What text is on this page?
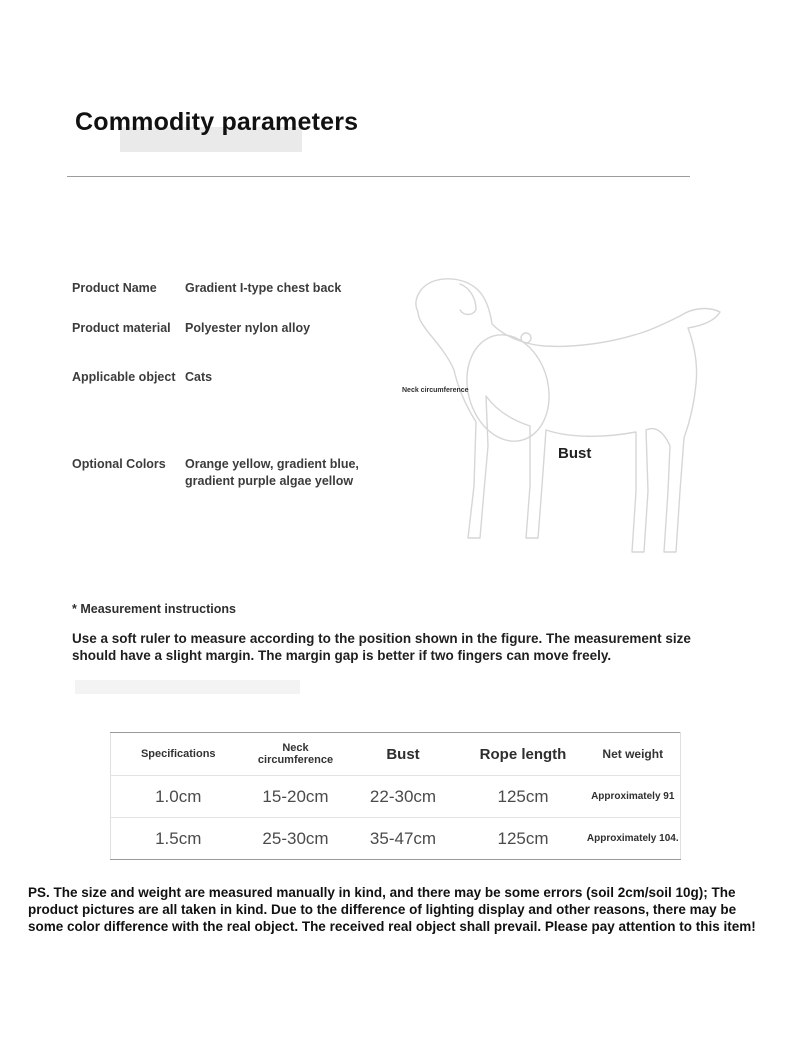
Commodity parameters
Product Name	Gradient I-type chest back
Product material	Polyester nylon alloy
Applicable object Cats
Optional Colors	Orange yellow, gradient blue, gradient purple algae yellow
Neck circumference
Bust
* Measurement instructions

Use a soft ruler to measure according to the position shown in the figure. The measurement size should have a slight margin. The margin gap is better if two fingers can move freely.

Specifications	Neck circumference	Bust	Rope length	Net weight
1.0cm	15-20cm	22-30cm	125cm	Approximately 91
1.5cm	25-30cm	35-47cm	125cm	Approximately 104.

PS. The size and weight are measured manually in kind, and there may be some errors (soil 2cm/soil 10g); The product pictures are all taken in kind. Due to the difference of lighting display and other reasons, there may be some color difference with the real object. The received real object shall prevail. Please pay attention to this item!
